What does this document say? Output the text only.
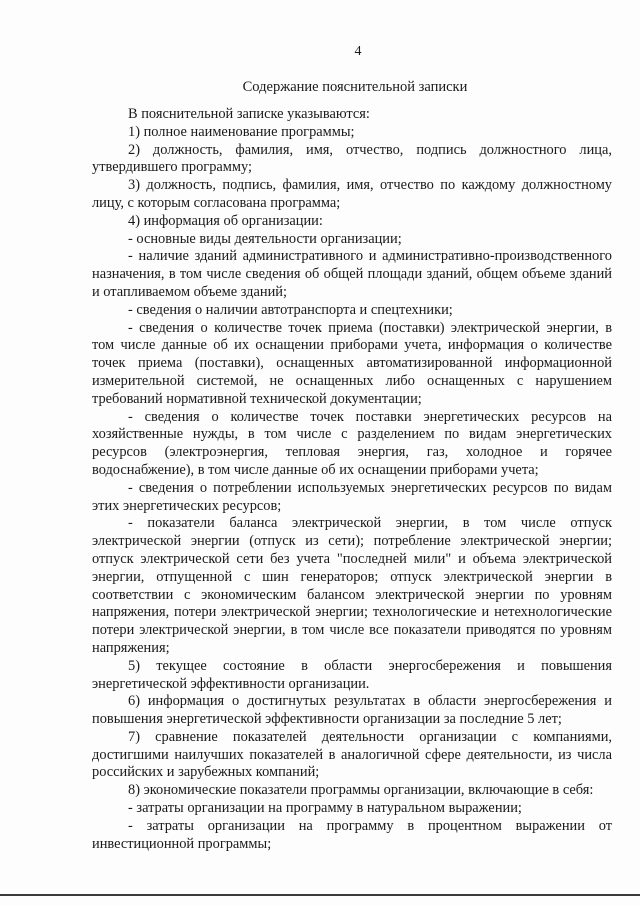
4
Содержание пояснительной записки

В пояснительной записке указываются:

1) полное наименование программы;

2) должность, фамилия, имя, отчество, подпись должностного лица, утвердившего программу;

3) должность, подпись, фамилия, имя, отчество по каждому должностному лицу, с которым согласована программа;

4) информация об организации:

- основные виды деятельности организации;

- наличие зданий административного и административно-производственного назначения, в том числе сведения об общей площади зданий, общем объеме зданий и отапливаемом объеме зданий;

- сведения о наличии автотранспорта и спецтехники;

- сведения о количестве точек приема (поставки) электрической энергии, в том числе данные об их оснащении приборами учета, информация о количестве точек приема (поставки), оснащенных автоматизированной информационной измерительной системой, не оснащенных либо оснащенных с нарушением требований нормативной технической документации;

- сведения о количестве точек поставки энергетических ресурсов на хозяйственные нужды, в том числе с разделением по видам энергетических ресурсов (электроэнергия, тепловая энергия, газ, холодное и горячее водоснабжение), в том числе данные об их оснащении приборами учета;

- сведения о потреблении используемых энергетических ресурсов по видам этих энергетических ресурсов;

- показатели баланса электрической энергии, в том числе отпуск электрической энергии (отпуск из сети); потребление электрической энергии; отпуск электрической сети без учета "последней мили" и объема электрической энергии, отпущенной с шин генераторов; отпуск электрической энергии в соответствии с экономическим балансом электрической энергии по уровням напряжения, потери электрической энергии; технологические и нетехнологические потери электрической энергии, в том числе все показатели приводятся по уровням напряжения;

5) текущее состояние в области энергосбережения и повышения энергетической эффективности организации.

6) информация о достигнутых результатах в области энергосбережения и повышения энергетической эффективности организации за последние 5 лет;

7) сравнение показателей деятельности организации с компаниями, достигшими наилучших показателей в аналогичной сфере деятельности, из числа российских и зарубежных компаний;

8) экономические показатели программы организации, включающие в себя:

- затраты организации на программу в натуральном выражении;

- затраты организации на программу в процентном выражении от инвестиционной программы;
